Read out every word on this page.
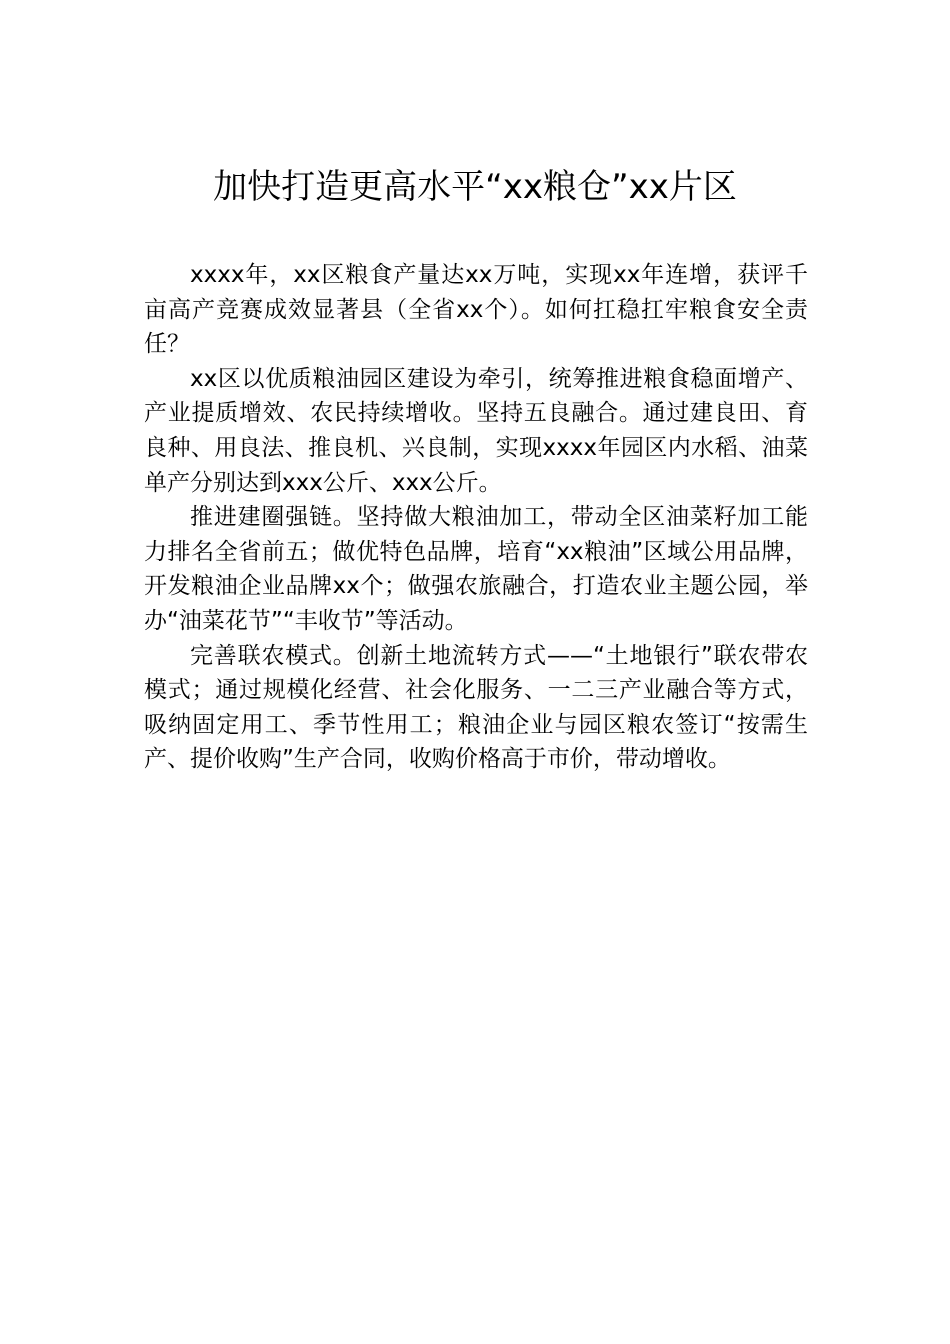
加快打造更高水平“xx粮仓”xx片区

xxxx年，xx区粮食产量达xx万吨，实现xx年连增，获评千亩高产竞赛成效显著县（全省xx个）。如何扛稳扛牢粮食安全责任？

xx区以优质粮油园区建设为牵引，统筹推进粮食稳面增产、产业提质增效、农民持续增收。坚持五良融合。通过建良田、育良种、用良法、推良机、兴良制，实现xxxx年园区内水稻、油菜单产分别达到xxx公斤、xxx公斤。

推进建圈强链。坚持做大粮油加工，带动全区油菜籽加工能力排名全省前五；做优特色品牌，培育“xx粮油”区域公用品牌，开发粮油企业品牌xx个；做强农旅融合，打造农业主题公园，举办“油菜花节”“丰收节”等活动。

完善联农模式。创新土地流转方式——“土地银行”联农带农模式；通过规模化经营、社会化服务、一二三产业融合等方式，吸纳固定用工、季节性用工；粮油企业与园区粮农签订“按需生产、提价收购”生产合同，收购价格高于市价，带动增收。
